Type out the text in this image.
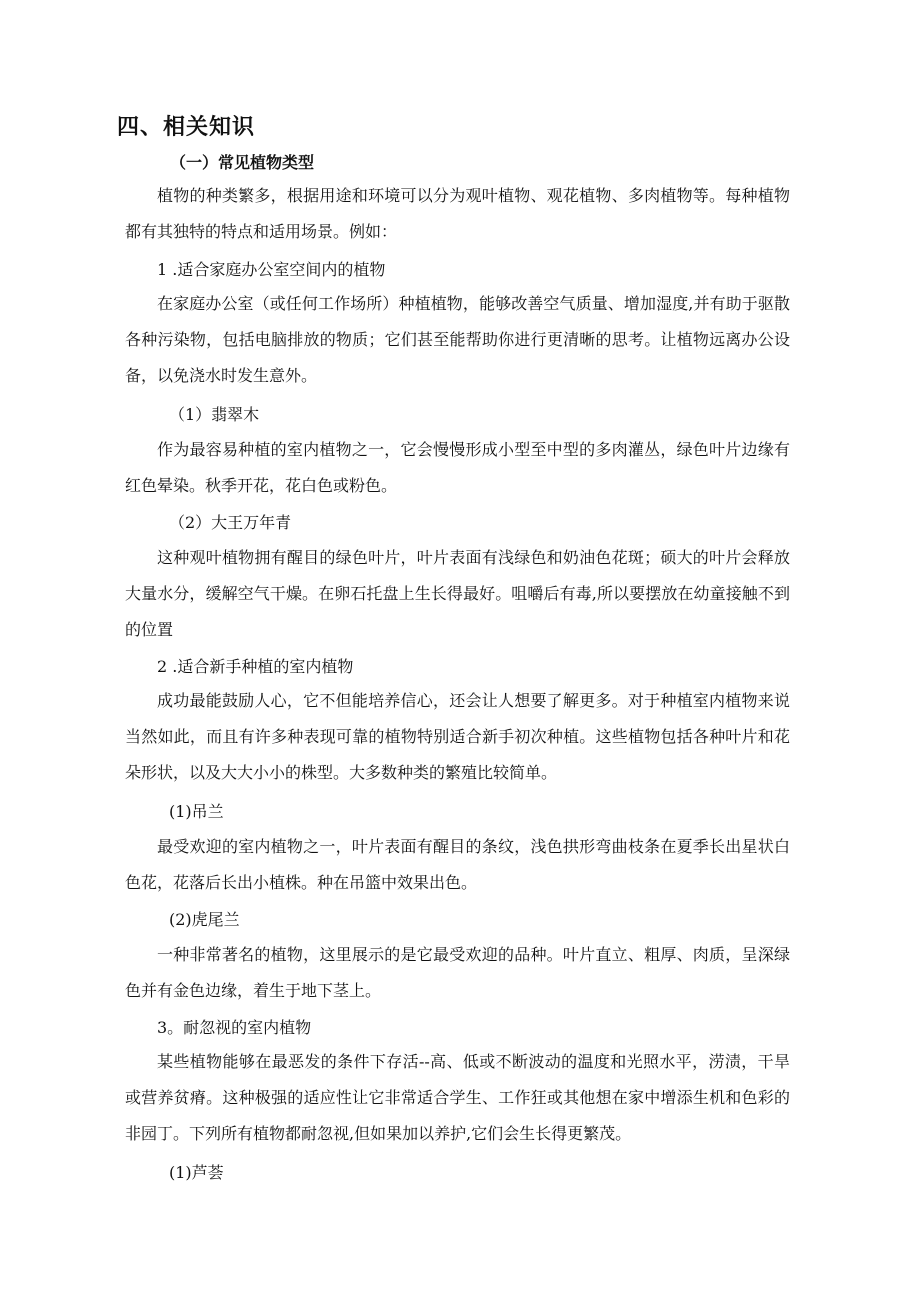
四、相关知识
（一）常见植物类型

植物的种类繁多，根据用途和环境可以分为观叶植物、观花植物、多肉植物等。每种植物都有其独特的特点和适用场景。例如：

1 .适合家庭办公室空间内的植物

在家庭办公室（或任何工作场所）种植植物，能够改善空气质量、增加湿度,并有助于驱散各种污染物，包括电脑排放的物质；它们甚至能帮助你进行更清晰的思考。让植物远离办公设备，以免浇水时发生意外。

（1）翡翠木

作为最容易种植的室内植物之一，它会慢慢形成小型至中型的多肉灌丛，绿色叶片边缘有红色晕染。秋季开花，花白色或粉色。

（2）大王万年青

这种观叶植物拥有醒目的绿色叶片，叶片表面有浅绿色和奶油色花斑；硕大的叶片会释放大量水分，缓解空气干燥。在卵石托盘上生长得最好。咀嚼后有毒,所以要摆放在幼童接触不到的位置

2 .适合新手种植的室内植物

成功最能鼓励人心，它不但能培养信心，还会让人想要了解更多。对于种植室内植物来说当然如此，而且有许多种表现可靠的植物特别适合新手初次种植。这些植物包括各种叶片和花朵形状，以及大大小小的株型。大多数种类的繁殖比较简单。

(1)吊兰

最受欢迎的室内植物之一，叶片表面有醒目的条纹，浅色拱形弯曲枝条在夏季长出星状白色花，花落后长出小植株。种在吊篮中效果出色。

(2)虎尾兰

一种非常著名的植物，这里展示的是它最受欢迎的品种。叶片直立、粗厚、肉质，呈深绿色并有金色边缘，着生于地下茎上。

3。耐忽视的室内植物

某些植物能够在最恶发的条件下存活--高、低或不断波动的温度和光照水平，涝渍，干旱或营养贫瘠。这种极强的适应性让它非常适合学生、工作狂或其他想在家中增添生机和色彩的非园丁。下列所有植物都耐忽视,但如果加以养护,它们会生长得更繁茂。

(1)芦荟
